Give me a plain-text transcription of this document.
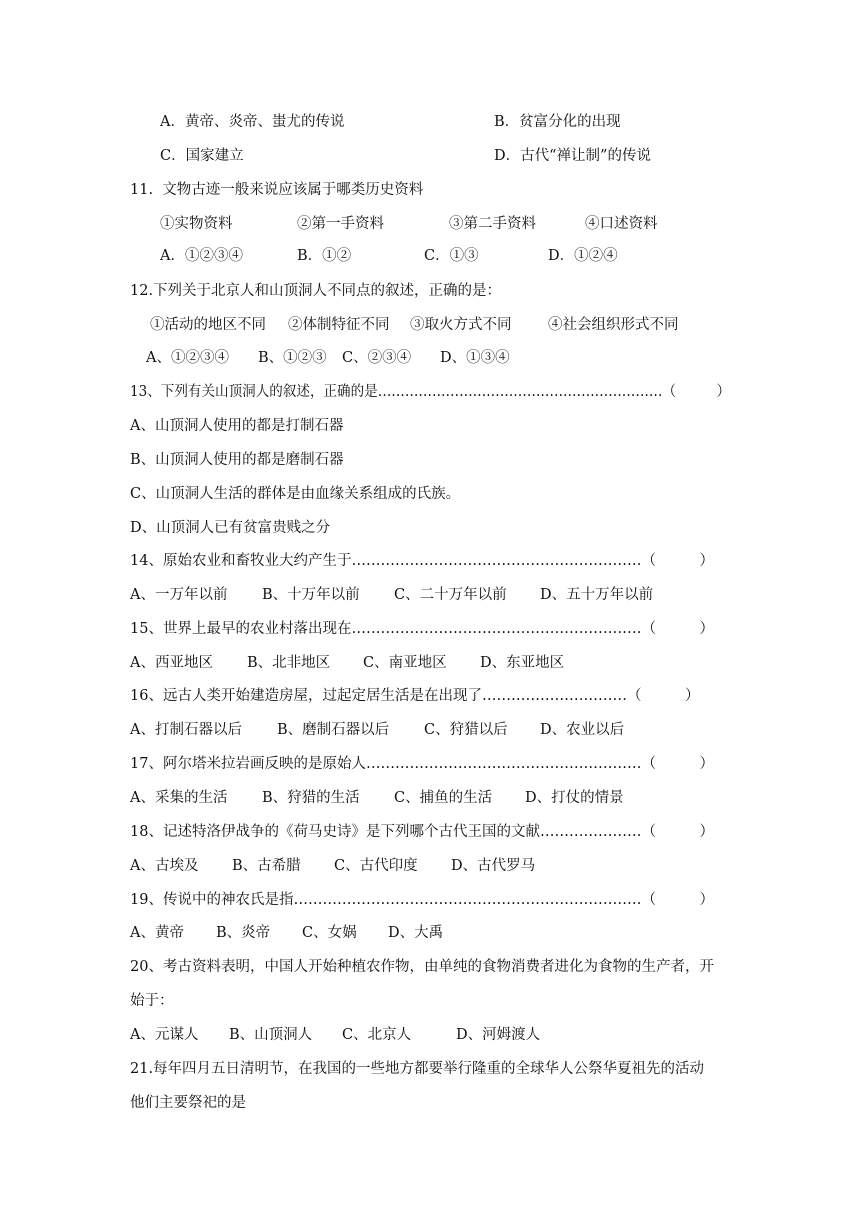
A．黄帝、炎帝、蚩尤的传说	B．贫富分化的出现
C．国家建立	D．古代“禅让制”的传说
11.  文物古迹一般来说应该属于哪类历史资料
①实物资料	②第一手资料	③第二手资料	④口述资料
A．①②③④	B．①②	C．①③	D．①②④
12.下列关于北京人和山顶洞人不同点的叙述，正确的是：
①活动的地区不同 ②体制特征不同 ③取火方式不同	④社会组织形式不同
A、①②③④ B、①②③ C、②③④ D、①③④
13、下列有关山顶洞人的叙述，正确的是………………………………………………………（　　　）
A、山顶洞人使用的都是打制石器
B、山顶洞人使用的都是磨制石器
C、山顶洞人生活的群体是由血缘关系组成的氏族。
D、山顶洞人已有贫富贵贱之分
14、原始农业和畜牧业大约产生于……………………………………………………（　　　）
A、一万年以前 B、十万年以前 C、二十万年以前 D、五十万年以前
15、世界上最早的农业村落出现在……………………………………………………（　　　）
A、西亚地区 B、北非地区 C、南亚地区 D、东亚地区
16、远古人类开始建造房屋，过起定居生活是在出现了…………………………（　　　）
A、打制石器以后 B、磨制石器以后 C、狩猎以后 D、农业以后
17、阿尔塔米拉岩画反映的是原始人…………………………………………………（　　　）
A、采集的生活 B、狩猎的生活 C、捕鱼的生活 D、打仗的情景
18、记述特洛伊战争的《荷马史诗》是下列哪个古代王国的文献…………………（　　　）
A、古埃及 B、古希腊 C、古代印度 D、古代罗马
19、传说中的神农氏是指………………………………………………………………（　　　）
A、黄帝 B、炎帝 C、女娲 D、大禹
20、考古资料表明，中国人开始种植农作物，由单纯的食物消费者进化为食物的生产者，开
始于：
A、元谋人 B、山顶洞人 C、北京人	D、河姆渡人
21.每年四月五日清明节，在我国的一些地方都要举行隆重的全球华人公祭华夏祖先的活动
他们主要祭祀的是
